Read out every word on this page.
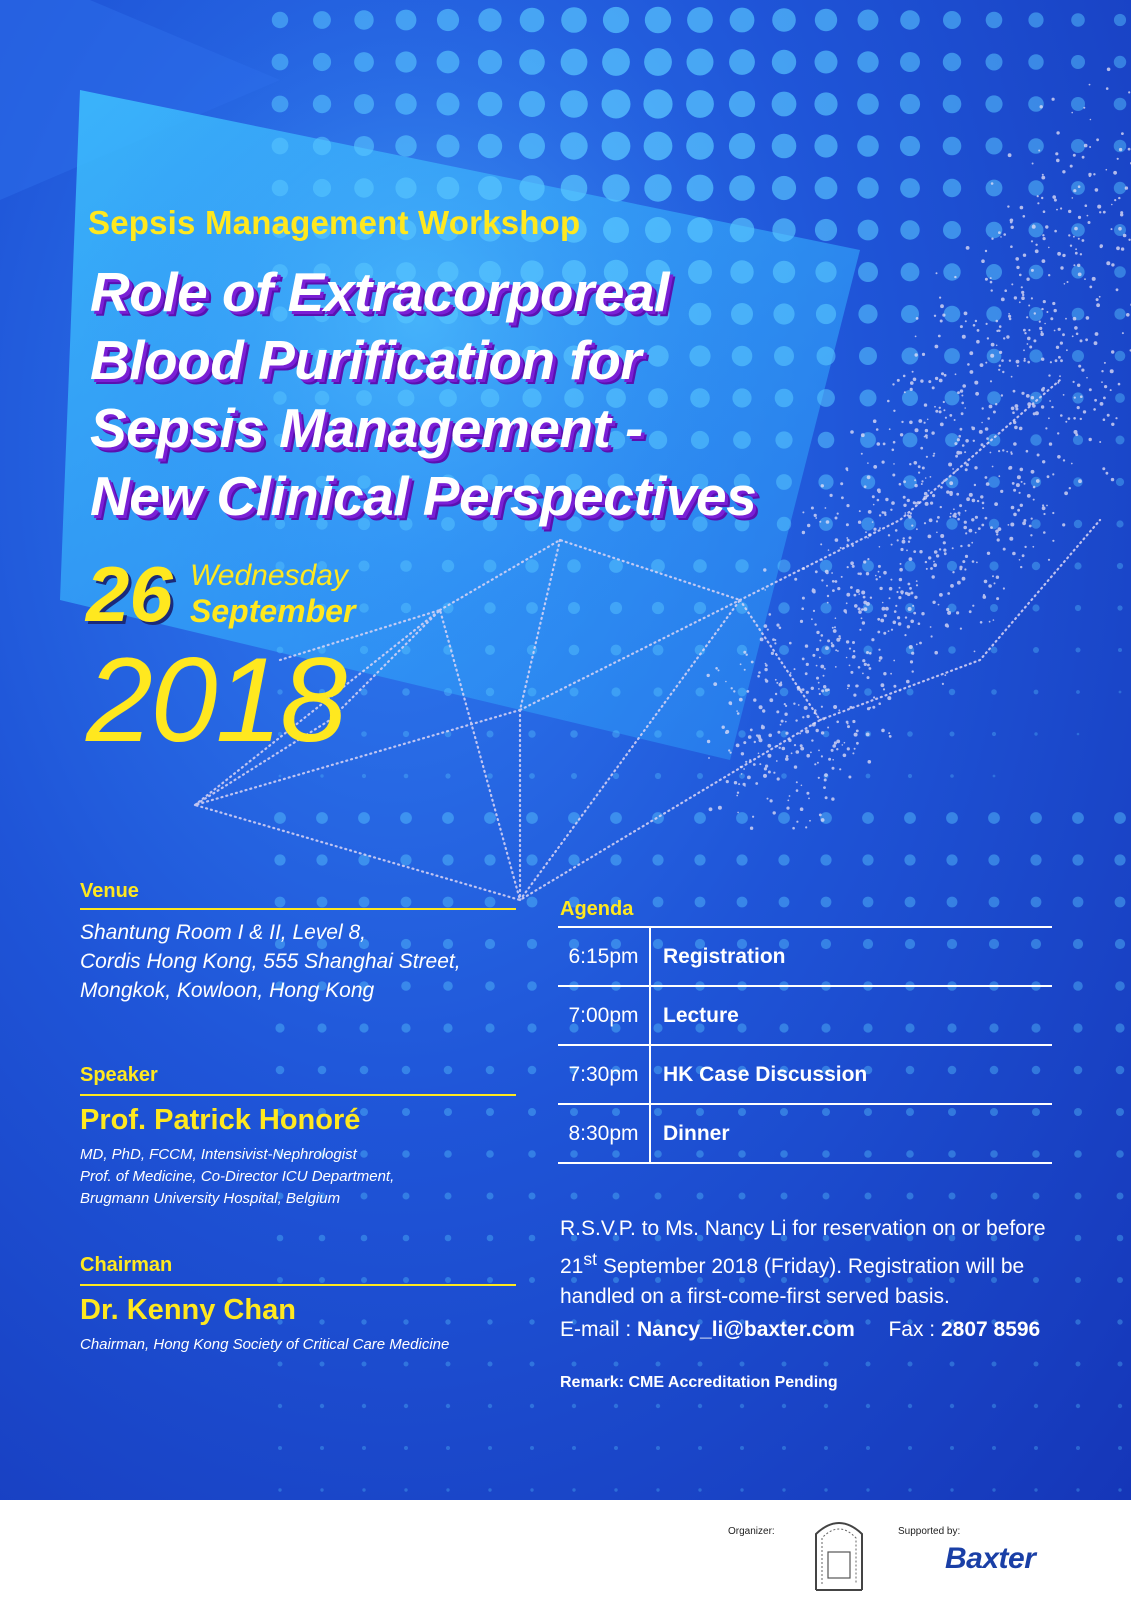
Sepsis Management Workshop
Role of Extracorporeal
Blood Purification for
Sepsis Management -
New Clinical Perspectives
26 Wednesday
September
2018
Venue
Shantung Room I & II, Level 8,
Cordis Hong Kong, 555 Shanghai Street,
Mongkok, Kowloon, Hong Kong
Speaker
Prof. Patrick Honoré
MD, PhD, FCCM, Intensivist-Nephrologist
Prof. of Medicine, Co-Director ICU Department,
Brugmann University Hospital, Belgium
Chairman
Dr. Kenny Chan
Chairman, Hong Kong Society of Critical Care Medicine
Agenda
6:15pm	Registration
7:00pm	Lecture
7:30pm	HK Case Discussion
8:30pm	Dinner
R.S.V.P. to Ms. Nancy Li for reservation on or before 21st September 2018 (Friday). Registration will be handled on a first-come-first served basis.
E-mail : Nancy_li@baxter.com Fax : 2807 8596
Remark: CME Accreditation Pending
Organizer:	Supported by:
Baxter
